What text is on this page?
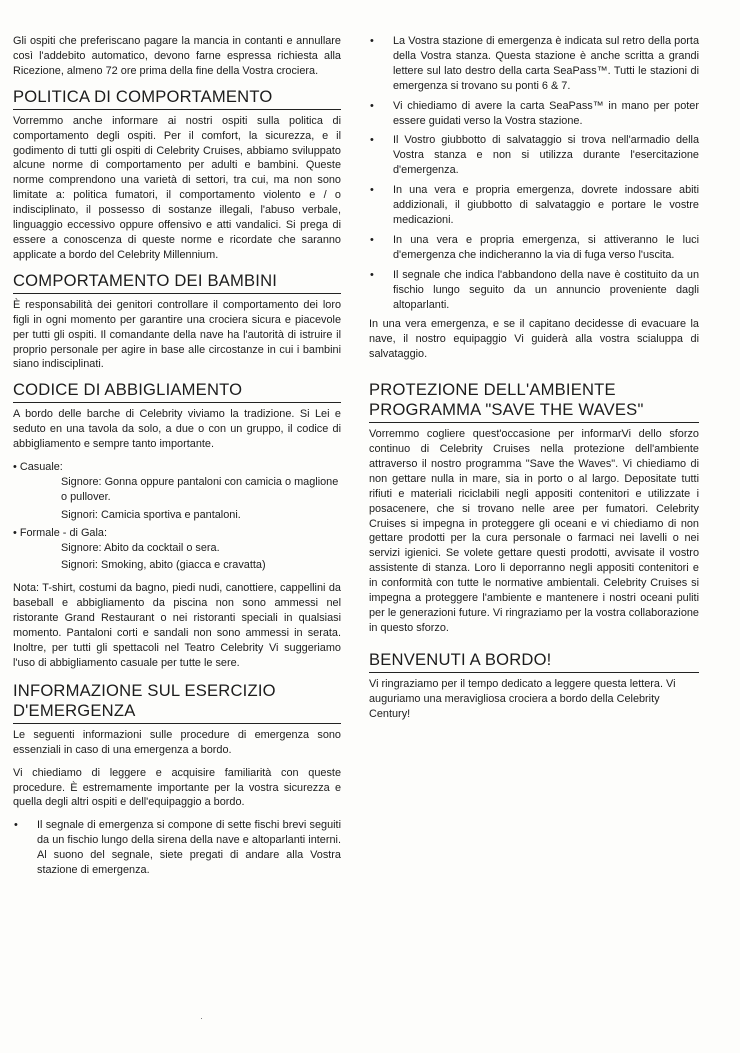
Gli ospiti che preferiscano pagare la mancia in contanti e annullare così l'addebito automatico, devono farne espressa richiesta alla Ricezione, almeno 72 ore prima della fine della Vostra crociera.

POLITICA DI COMPORTAMENTO

Vorremmo anche informare ai nostri ospiti sulla politica di comportamento degli ospiti. Per il comfort, la sicurezza, e il godimento di tutti gli ospiti di Celebrity Cruises, abbiamo sviluppato alcune norme di comportamento per adulti e bambini. Queste norme comprendono una varietà di settori, tra cui, ma non sono limitate a: politica fumatori, il comportamento violento e / o indisciplinato, il possesso di sostanze illegali, l'abuso verbale, linguaggio eccessivo oppure offensivo e atti vandalici. Si prega di essere a conoscenza di queste norme e ricordate che saranno applicate a bordo del Celebrity Millennium.

COMPORTAMENTO DEI BAMBINI

È responsabilità dei genitori controllare il comportamento dei loro figli in ogni momento per garantire una crociera sicura e piacevole per tutti gli ospiti. Il comandante della nave ha l'autorità di istruire il proprio personale per agire in base alle circostanze in cui i bambini siano indisciplinati.

CODICE DI ABBIGLIAMENTO

A bordo delle barche di Celebrity viviamo la tradizione. Si Lei e seduto en una tavola da solo, a due o con un gruppo, il codice di abbigliamento e sempre tanto importante.

• Casuale:
Signore: Gonna oppure pantaloni con camicia o maglione o pullover.
Signori: Camicia sportiva e pantaloni.
• Formale - di Gala:
Signore: Abito da cocktail o sera.
Signori: Smoking, abito (giacca e cravatta)

Nota: T-shirt, costumi da bagno, piedi nudi, canottiere, cappellini da baseball e abbigliamento da piscina non sono ammessi nel ristorante Grand Restaurant o nei ristoranti speciali in qualsiasi momento. Pantaloni corti e sandali non sono ammessi in serata. Inoltre, per tutti gli spettacoli nel Teatro Celebrity Vi suggeriamo l'uso di abbigliamento casuale per tutte le sere.

INFORMAZIONE SUL ESERCIZIO
D'EMERGENZA

Le seguenti informazioni sulle procedure di emergenza sono essenziali in caso di una emergenza a bordo.

Vi chiediamo di leggere e acquisire familiarità con queste procedure. È estremamente importante per la vostra sicurezza e quella degli altri ospiti e dell'equipaggio a bordo.

• Il segnale di emergenza si compone di sette fischi brevi seguiti da un fischio lungo della sirena della nave e altoparlanti interni. Al suono del segnale, siete pregati di andare alla Vostra stazione di emergenza.
• La Vostra stazione di emergenza è indicata sul retro della porta della Vostra stanza. Questa stazione è anche scritta a grandi lettere sul lato destro della carta SeaPass™. Tutti le stazioni di emergenza si trovano su ponti 6 & 7.
• Vi chiediamo di avere la carta SeaPass™ in mano per poter essere guidati verso la Vostra stazione.
• Il Vostro giubbotto di salvataggio si trova nell'armadio della Vostra stanza e non si utilizza durante l'esercitazione d'emergenza.
• In una vera e propria emergenza, dovrete indossare abiti addizionali, il giubbotto di salvataggio e portare le vostre medicazioni.
• In una vera e propria emergenza, si attiveranno le luci d'emergenza che indicheranno la via di fuga verso l'uscita.
• Il segnale che indica l'abbandono della nave è costituito da un fischio lungo seguito da un annuncio proveniente dagli altoparlanti.

In una vera emergenza, e se il capitano decidesse di evacuare la nave, il nostro equipaggio Vi guiderà alla vostra scialuppa di salvataggio.

PROTEZIONE DELL'AMBIENTE
PROGRAMMA "SAVE THE WAVES"

Vorremmo cogliere quest'occasione per informarVi dello sforzo continuo di Celebrity Cruises nella protezione dell'ambiente attraverso il nostro programma "Save the Waves". Vi chiediamo di non gettare nulla in mare, sia in porto o al largo. Depositate tutti rifiuti e materiali riciclabili negli appositi contenitori e utilizzate i posacenere, che si trovano nelle aree per fumatori. Celebrity Cruises si impegna in proteggere gli oceani e vi chiediamo di non gettare prodotti per la cura personale o farmaci nei lavelli o nei servizi igienici. Se volete gettare questi prodotti, avvisate il vostro assistente di stanza. Loro li deporranno negli appositi contenitori e in conformità con tutte le normative ambientali. Celebrity Cruises si impegna a proteggere l'ambiente e mantenere i nostri oceani puliti per le generazioni future. Vi ringraziamo per la vostra collaborazione in questo sforzo.

BENVENUTI A BORDO!

Vi ringraziamo per il tempo dedicato a leggere questa lettera. Vi auguriamo una meravigliosa crociera a bordo della Celebrity Century!

·
